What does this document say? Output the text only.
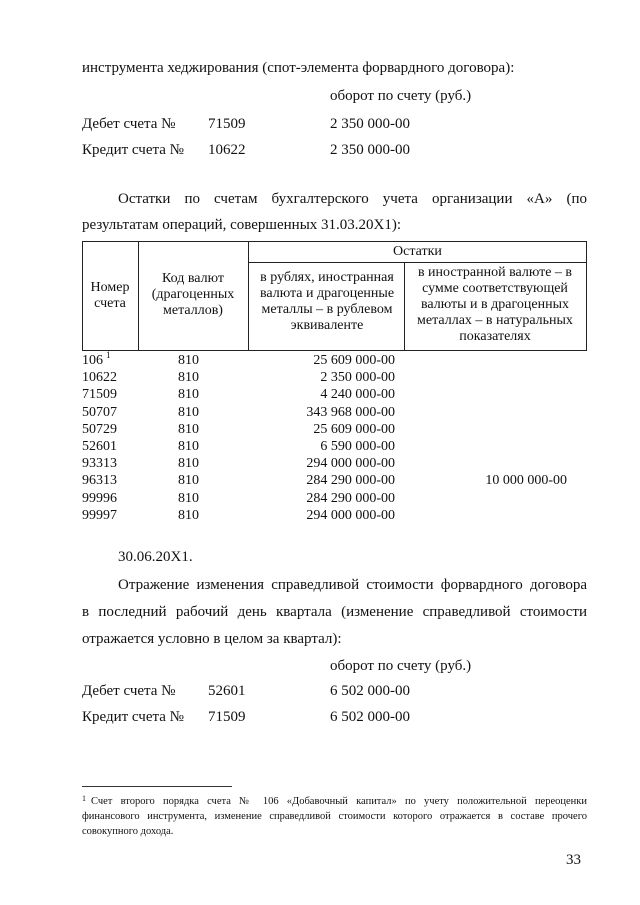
инструмента хеджирования (спот-элемента форвардного договора):
оборот по счету (руб.)
Дебет счета № 71509	2 350 000-00
Кредит счета № 10622	2 350 000-00
Остатки по счетам бухгалтерского учета организации «А» (по
результатам операций, совершенных 31.03.20X1):
Номер счета
Код валют (драгоценных металлов)
Остатки
в рублях, иностранная валюта и драгоценные металлы – в рублевом эквиваленте
в иностранной валюте – в сумме соответствующей валюты и в драгоценных металлах – в натуральных показателях
106 1	810	25 609 000-00
10622	810	2 350 000-00
71509	810	4 240 000-00
50707	810	343 968 000-00
50729	810	25 609 000-00
52601	810	6 590 000-00
93313	810	294 000 000-00
96313	810	284 290 000-00	10 000 000-00
99996	810	284 290 000-00
99997	810	294 000 000-00
30.06.20X1.
Отражение изменения справедливой стоимости форвардного договора
в последний рабочий день квартала (изменение справедливой стоимости
отражается условно в целом за квартал):
оборот по счету (руб.)
Дебет счета № 52601	6 502 000-00
Кредит счета № 71509	6 502 000-00
1 Счет второго порядка счета № 106 «Добавочный капитал» по учету положительной переоценки
финансового инструмента, изменение справедливой стоимости которого отражается в составе прочего
совокупного дохода.
33
